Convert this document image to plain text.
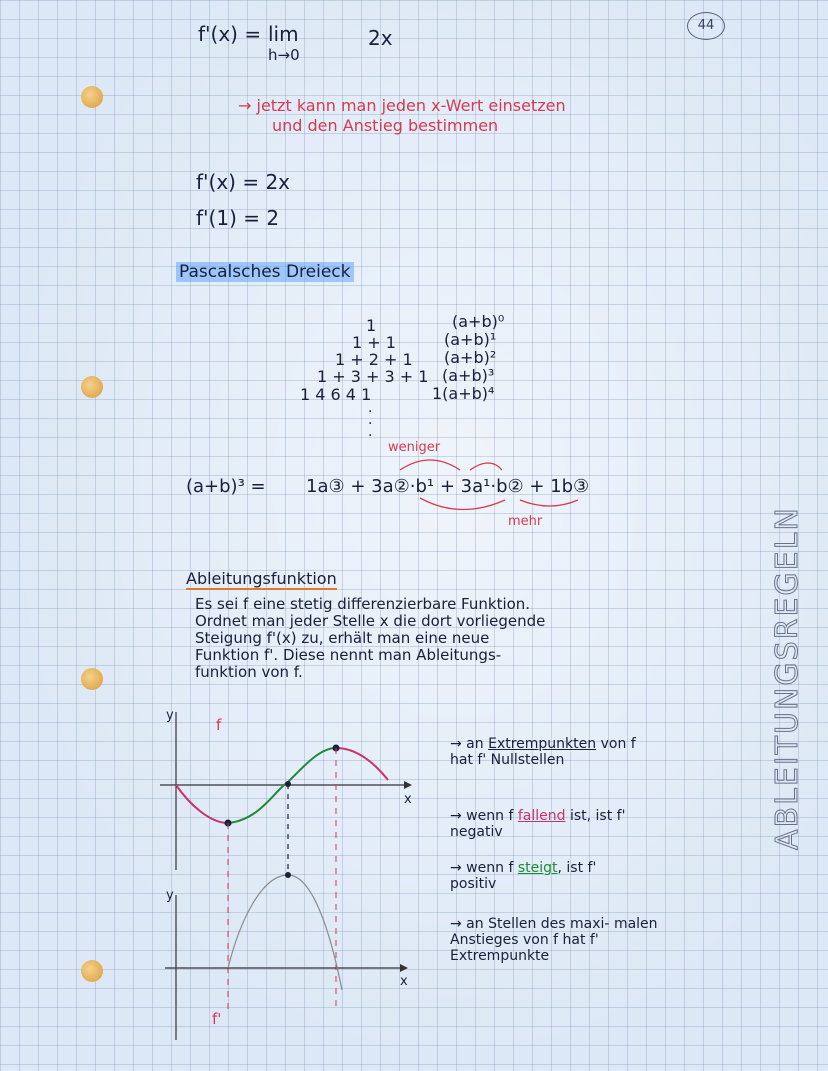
44
ABLEITUNGSREGELN
f'(x) = lim
h→0
2x
→ jetzt kann man jeden x-Wert einsetzen
und den Anstieg bestimmen
f'(x) = 2x
f'(1) = 2
Pascalsches Dreieck
1
1 + 1
1 + 2 + 1
1 + 3 + 3 + 1
1 4 6 4 1
(a+b)⁰
(a+b)¹
(a+b)²
(a+b)³
1(a+b)⁴
·
·
·
weniger
(a+b)³ = 1a③ + 3a②·b¹ + 3a¹·b② + 1b③
mehr
Ableitungsfunktion
Es sei f eine stetig differenzierbare Funktion.
Ordnet man jeder Stelle x die dort vorliegende
Steigung f'(x) zu, erhält man eine neue
Funktion f'. Diese nennt man Ableitungs-
funktion von f.
y
f
x
y
x
f'
→ an Extrempunkten von f hat f' Nullstellen
→ wenn f fallend ist, ist f' negativ
→ wenn f steigt, ist f' positiv
→ an Stellen des maxi- malen Anstieges von f hat f' Extrempunkte
